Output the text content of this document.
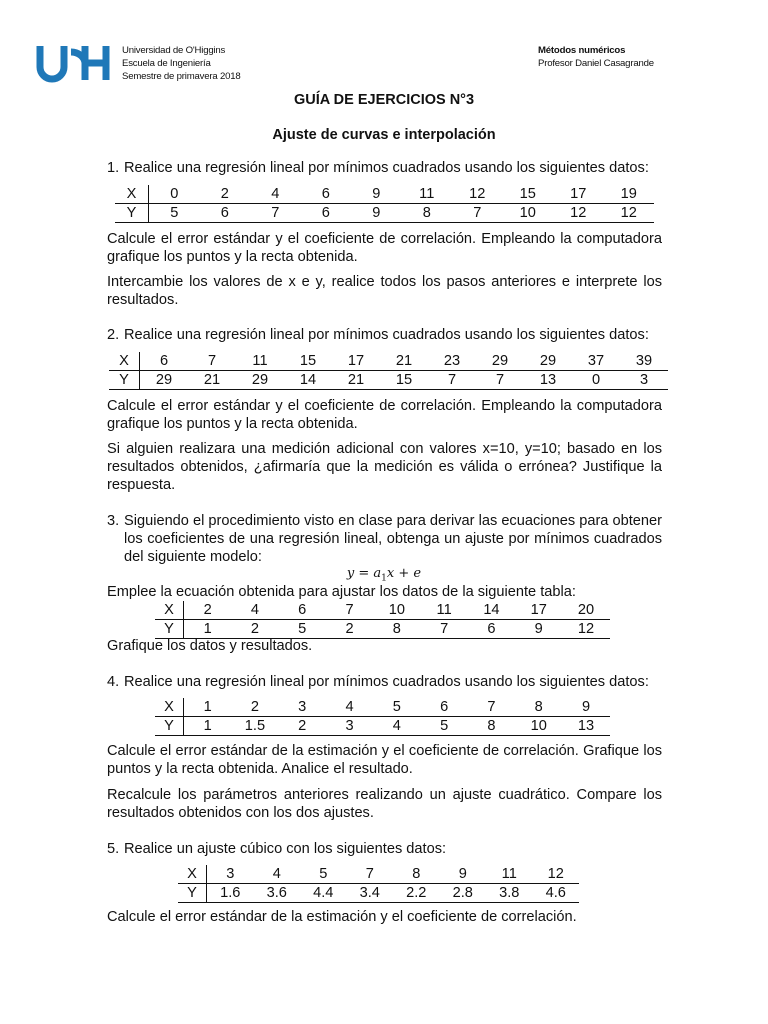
Universidad de O'Higgins
Escuela de Ingeniería
Semestre de primavera 2018
Métodos numéricos
Profesor Daniel Casagrande
GUÍA DE EJERCICIOS N°3
Ajuste de curvas e interpolación
1. Realice una regresión lineal por mínimos cuadrados usando los siguientes datos:
X	0	2	4	6	9	11	12	15	17	19
Y	5	6	7	6	9	8	7	10	12	12
Calcule el error estándar y el coeficiente de correlación. Empleando la computadora grafique los puntos y la recta obtenida.
Intercambie los valores de x e y, realice todos los pasos anteriores e interprete los resultados.
2. Realice una regresión lineal por mínimos cuadrados usando los siguientes datos:
X	6	7	11	15	17	21	23	29	29	37	39
Y	29	21	29	14	21	15	7	7	13	0	3
Calcule el error estándar y el coeficiente de correlación. Empleando la computadora grafique los puntos y la recta obtenida.
Si alguien realizara una medición adicional con valores x=10, y=10; basado en los resultados obtenidos, ¿afirmaría que la medición es válida o errónea? Justifique la respuesta.
3. Siguiendo el procedimiento visto en clase para derivar las ecuaciones para obtener los coeficientes de una regresión lineal, obtenga un ajuste por mínimos cuadrados del siguiente modelo:
$y = a_1x + e$
Emplee la ecuación obtenida para ajustar los datos de la siguiente tabla:
X	2	4	6	7	10	11	14	17	20
Y	1	2	5	2	8	7	6	9	12
Grafique los datos y resultados.
4. Realice una regresión lineal por mínimos cuadrados usando los siguientes datos:
X	1	2	3	4	5	6	7	8	9
Y	1	1.5	2	3	4	5	8	10	13
Calcule el error estándar de la estimación y el coeficiente de correlación. Grafique los puntos y la recta obtenida. Analice el resultado.
Recalcule los parámetros anteriores realizando un ajuste cuadrático. Compare los resultados obtenidos con los dos ajustes.
5. Realice un ajuste cúbico con los siguientes datos:
X	3	4	5	7	8	9	11	12
Y	1.6	3.6	4.4	3.4	2.2	2.8	3.8	4.6
Calcule el error estándar de la estimación y el coeficiente de correlación.
